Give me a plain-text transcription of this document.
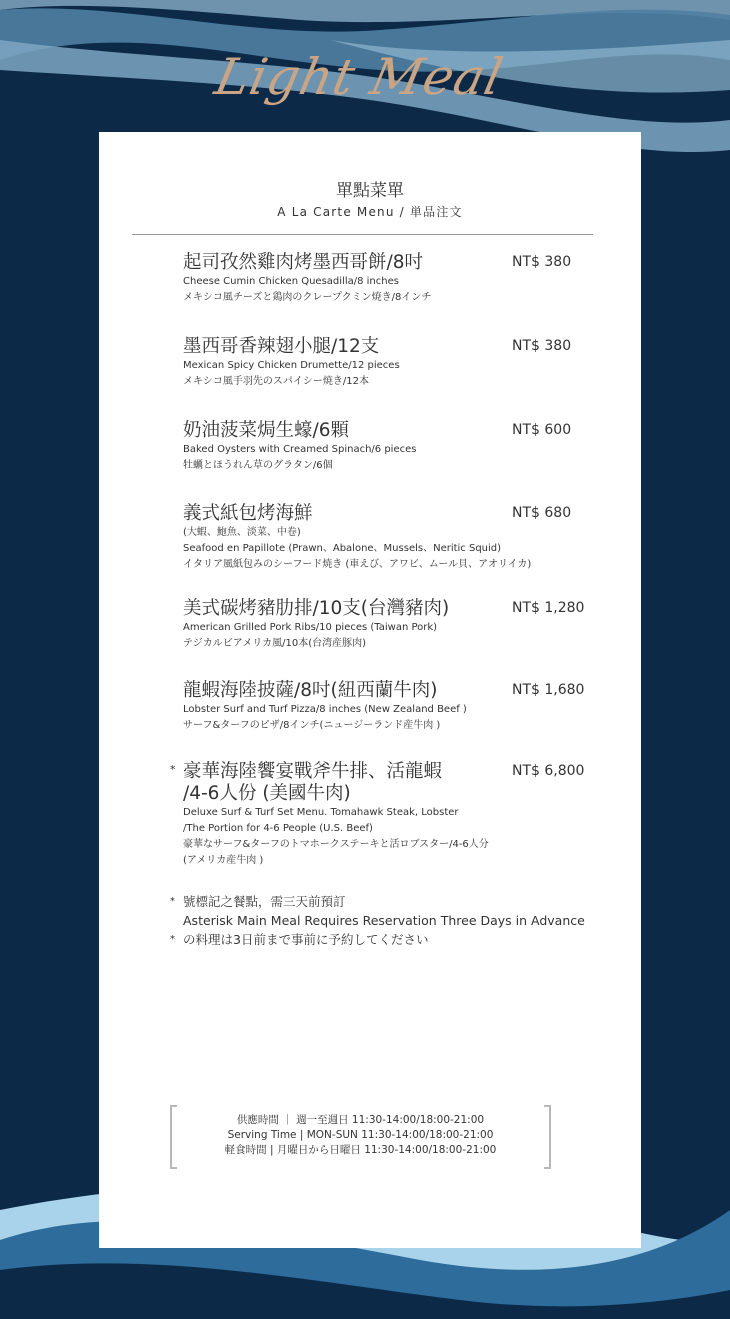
Light Meal
單點菜單
A La Carte Menu / 単品注文
起司孜然雞肉烤墨西哥餅/8吋
Cheese Cumin Chicken Quesadilla/8 inches
メキシコ風チーズと鶏肉のクレープクミン焼き/8インチ
NT$ 380
墨西哥香辣翅小腿/12支
Mexican Spicy Chicken Drumette/12 pieces
メキシコ風手羽先のスパイシー焼き/12本
NT$ 380
奶油菠菜焗生蠔/6顆
Baked Oysters with Creamed Spinach/6 pieces
牡蠣とほうれん草のグラタン/6個
NT$ 600
義式紙包烤海鮮
(大蝦、鮑魚、淡菜、中卷)
Seafood en Papillote (Prawn、Abalone、Mussels、Neritic Squid)
イタリア風紙包みのシーフード焼き (車えび、アワビ、ムール貝、アオリイカ)
NT$ 680
美式碳烤豬肋排/10支(台灣豬肉)
American Grilled Pork Ribs/10 pieces (Taiwan Pork)
テジカルビアメリカ風/10本(台湾産豚肉)
NT$ 1,280
龍蝦海陸披薩/8吋(紐西蘭牛肉)
Lobster Surf and Turf Pizza/8 inches (New Zealand Beef )
サーフ&ターフのピザ/8インチ(ニュージーランド産牛肉 )
NT$ 1,680
* 豪華海陸饗宴戰斧牛排、活龍蝦
/4-6人份 (美國牛肉)
Deluxe Surf & Turf Set Menu. Tomahawk Steak, Lobster
/The Portion for 4-6 People (U.S. Beef)
豪華なサーフ&ターフのトマホークステーキと活ロブスター/4-6人分
(アメリカ産牛肉 )
NT$ 6,800
* 號標記之餐點，需三天前預訂
Asterisk Main Meal Requires Reservation Three Days in Advance
* の料理は3日前まで事前に予約してください
供應時間 ｜ 週一至週日 11:30-14:00/18:00-21:00
Serving Time | MON-SUN 11:30-14:00/18:00-21:00
軽食時間 | 月曜日から日曜日 11:30-14:00/18:00-21:00
